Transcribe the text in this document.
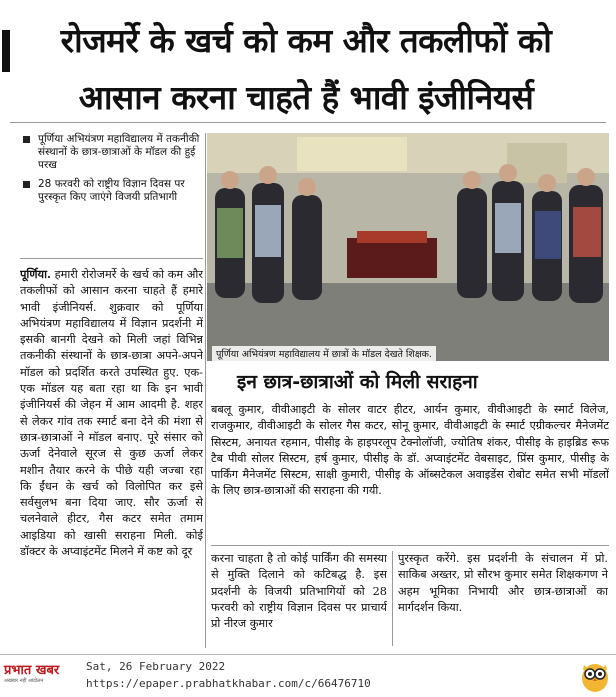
रोजमर्रे के खर्च को कम और तकलीफों को
आसान करना चाहते हैं भावी इंजीनियर्स
पूर्णिया अभियंत्रण महाविद्यालय में तकनीकी संस्थानों के छात्र-छात्राओं के मॉडल की हुई परख
28 फरवरी को राष्ट्रीय विज्ञान दिवस पर पुरस्कृत किए जाएंगे विजयी प्रतिभागी
पूर्णिया. हमारी रोरोजमर्रे के खर्च को कम और तकलीफों को आसान करना चाहते हैं हमारे भावी इंजीनियर्स. शुक्रवार को पूर्णिया अभियंत्रण महाविद्यालय में विज्ञान प्रदर्शनी में इसकी बानगी देखने को मिली जहां विभिन्न तकनीकी संस्थानों के छात्र-छात्रा अपने-अपने मॉडल को प्रदर्शित करते उपस्थित हुए. एक-एक मॉडल यह बता रहा था कि इन भावी इंजीनियर्स की जेहन में आम आदमी है. शहर से लेकर गांव तक स्मार्ट बना देने की मंशा से छात्र-छात्राओं ने मॉडल बनाए. पूरे संसार को ऊर्जा देनेवाले सूरज से कुछ ऊर्जा लेकर मशीन तैयार करने के पीछे यही जज्बा रहा कि ईंधन के खर्च को विलोपित कर इसे सर्वसुलभ बना दिया जाए. सौर ऊर्जा से चलनेवाले हीटर, गैस कटर समेत तमाम आइडिया को खासी सराहना मिली. कोई डॉक्टर के अप्वाइंटमेंट मिलने में कष्ट को दूर
पूर्णिया अभियंत्रण महाविद्यालय में छात्रों के मॉडल देखते शिक्षक.
इन छात्र-छात्राओं को मिली सराहना
बबलू कुमार, वीवीआइटी के सोलर वाटर हीटर, आर्यन कुमार, वीवीआइटी के स्मार्ट विलेज, राजकुमार, वीवीआइटी के सोलर गैस कटर, सोनू कुमार, वीवीआइटी के स्मार्ट एग्रीकल्चर मैनेजमेंट सिस्टम, अनायत रहमान, पीसीइ के हाइपरलूप टेक्नोलॉजी, ज्योतिष शंकर, पीसीइ के हाइब्रिड रूफ टैब पीवी सोलर सिस्टम, हर्ष कुमार, पीसीइ के डॉ. अप्वाइंटमेंट वेबसाइट, प्रिंस कुमार, पीसीइ के पार्किंग मैनेजमेंट सिस्टम, साक्षी कुमारी, पीसीइ के ऑब्सटेकल अवाइडेंस रोबोट समेत सभी मॉडलों के लिए छात्र-छात्राओं की सराहना की गयी.
करना चाहता है तो कोई पार्किंग की समस्या से मुक्ति दिलाने को कटिबद्ध है. इस प्रदर्शनी के विजयी प्रतिभागियों को 28 फरवरी को राष्ट्रीय विज्ञान दिवस पर प्राचार्य प्रो नीरज कुमार
पुरस्कृत करेंगे. इस प्रदर्शनी के संचालन में प्रो. साकिब अख्तर, प्रो सौरभ कुमार समेत शिक्षकगण ने अहम भूमिका निभायी और छात्र-छात्राओं का मार्गदर्शन किया.
प्रभात खबर
अखबार नहीं आंदोलन
Sat, 26 February 2022
https://epaper.prabhatkhabar.com/c/66476710
